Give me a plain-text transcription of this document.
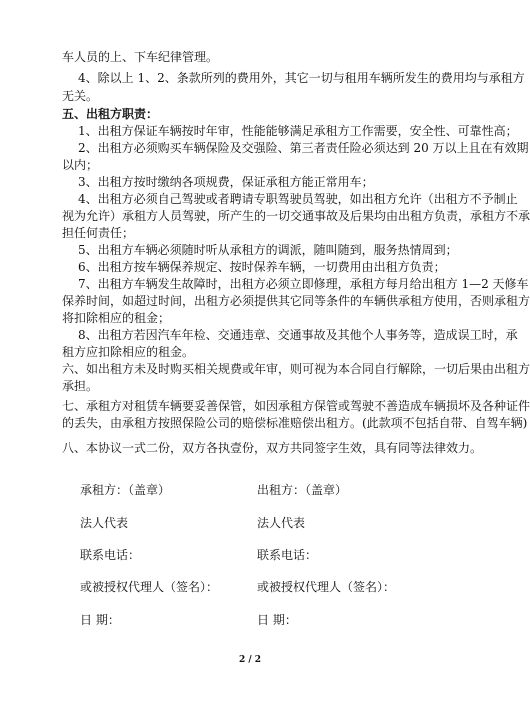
车人员的上、下车纪律管理。
4、除以上 1、2、条款所列的费用外，其它一切与租用车辆所发生的费用均与承租方
无关。
五、出租方职责：
1、出租方保证车辆按时年审，性能能够满足承租方工作需要，安全性、可靠性高；
2、出租方必须购买车辆保险及交强险、第三者责任险必须达到 20 万以上且在有效期
以内；
3、出租方按时缴纳各项规费，保证承租方能正常用车；
4、出租方必须自己驾驶或者聘请专职驾驶员驾驶，如出租方允许（出租方不予制止
视为允许）承租方人员驾驶，所产生的一切交通事故及后果均由出租方负责，承租方不承
担任何责任；
5、出租方车辆必须随时听从承租方的调派，随叫随到，服务热情周到；
6、出租方按车辆保养规定、按时保养车辆，一切费用由出租方负责；
7、出租方车辆发生故障时，出租方必须立即修理，承租方每月给出租方 1—2 天修车
保养时间，如超过时间，出租方必须提供其它同等条件的车辆供承租方使用，否则承租方
将扣除相应的租金；
8、出租方若因汽车年检、交通违章、交通事故及其他个人事务等，造成误工时，承
租方应扣除相应的租金。
六、如出租方未及时购买相关规费或年审，则可视为本合同自行解除，一切后果由出租方
承担。
七、承租方对租赁车辆要妥善保管，如因承租方保管或驾驶不善造成车辆损坏及各种证件
的丢失，由承租方按照保险公司的赔偿标准赔偿出租方。(此款项不包括自带、自驾车辆)
八、本协议一式二份，双方各执壹份，双方共同签字生效，具有同等法律效力。
承租方：（盖章）	出租方：（盖章）
法人代表	法人代表
联系电话：	联系电话：
或被授权代理人（签名）：	或被授权代理人（签名）：
日 期：	日 期：
2 / 2
